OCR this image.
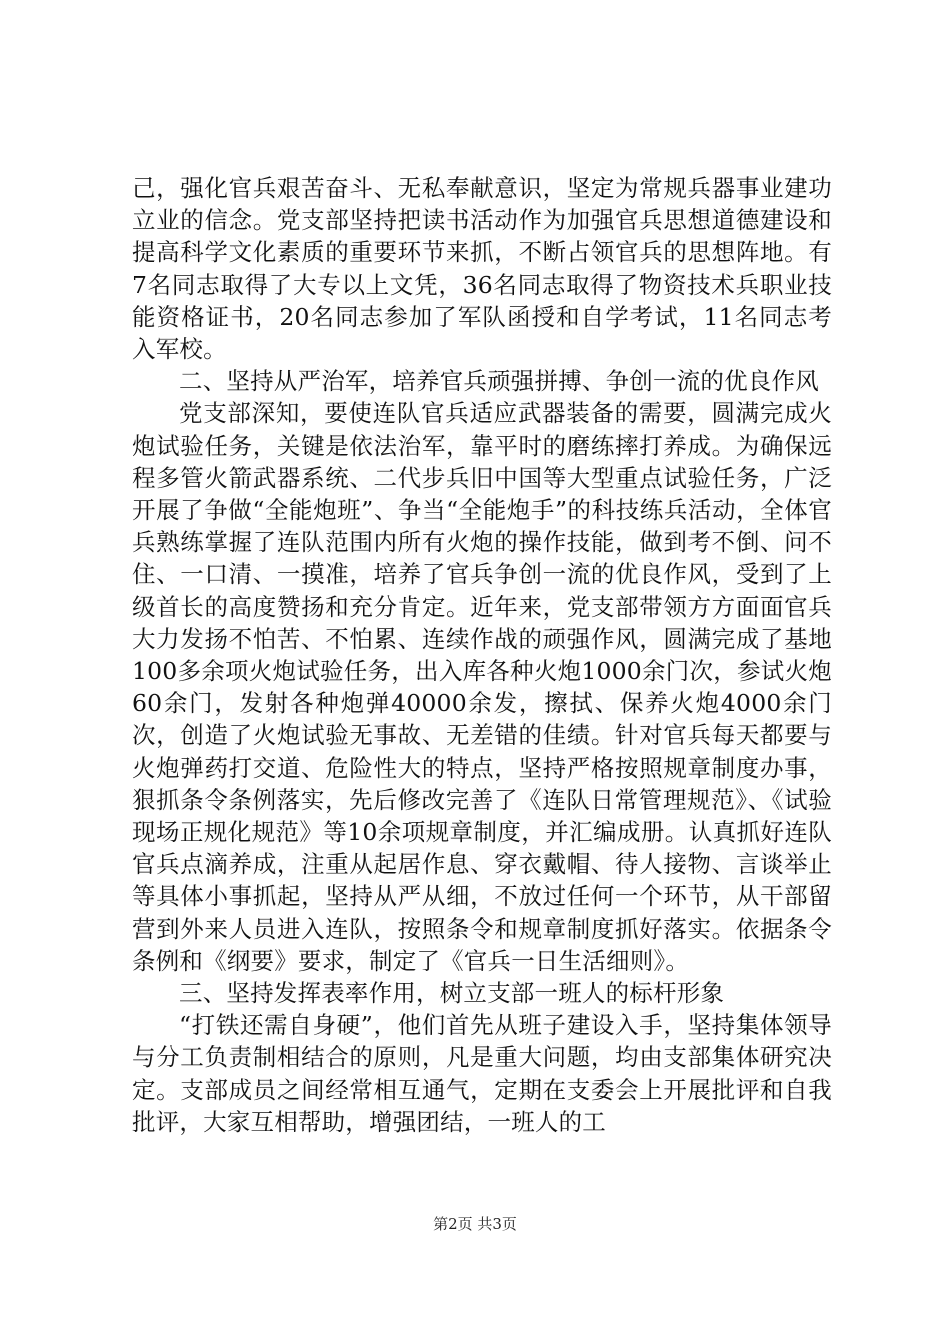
己，强化官兵艰苦奋斗、无私奉献意识，坚定为常规兵器事业建功立业的信念。党支部坚持把读书活动作为加强官兵思想道德建设和提高科学文化素质的重要环节来抓，不断占领官兵的思想阵地。有7名同志取得了大专以上文凭，36名同志取得了物资技术兵职业技能资格证书，20名同志参加了军队函授和自学考试，11名同志考入军校。

二、坚持从严治军，培养官兵顽强拼搏、争创一流的优良作风

党支部深知，要使连队官兵适应武器装备的需要，圆满完成火炮试验任务，关键是依法治军，靠平时的磨练摔打养成。为确保远程多管火箭武器系统、二代步兵旧中国等大型重点试验任务，广泛开展了争做“全能炮班”、争当“全能炮手”的科技练兵活动，全体官兵熟练掌握了连队范围内所有火炮的操作技能，做到考不倒、问不住、一口清、一摸准，培养了官兵争创一流的优良作风，受到了上级首长的高度赞扬和充分肯定。近年来，党支部带领方方面面官兵大力发扬不怕苦、不怕累、连续作战的顽强作风，圆满完成了基地100多余项火炮试验任务，出入库各种火炮1000余门次，参试火炮60余门，发射各种炮弹40000余发，擦拭、保养火炮4000余门次，创造了火炮试验无事故、无差错的佳绩。针对官兵每天都要与火炮弹药打交道、危险性大的特点，坚持严格按照规章制度办事，狠抓条令条例落实，先后修改完善了《连队日常管理规范》、《试验现场正规化规范》等10余项规章制度，并汇编成册。认真抓好连队官兵点滴养成，注重从起居作息、穿衣戴帽、待人接物、言谈举止等具体小事抓起，坚持从严从细，不放过任何一个环节，从干部留营到外来人员进入连队，按照条令和规章制度抓好落实。依据条令条例和《纲要》要求，制定了《官兵一日生活细则》。

三、坚持发挥表率作用，树立支部一班人的标杆形象

“打铁还需自身硬”，他们首先从班子建设入手，坚持集体领导与分工负责制相结合的原则，凡是重大问题，均由支部集体研究决定。支部成员之间经常相互通气，定期在支委会上开展批评和自我批评，大家互相帮助，增强团结，一班人的工

第2页 共3页
